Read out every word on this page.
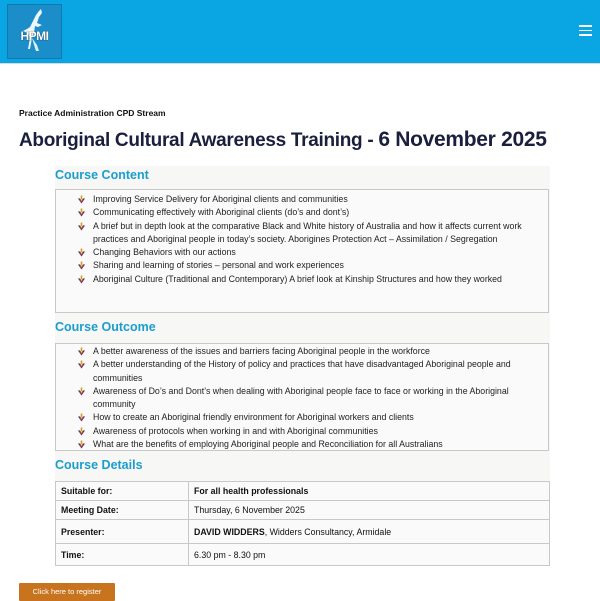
HPMI
Practice Administration CPD Stream
Aboriginal Cultural Awareness Training - 6 November 2025
Course Content
Improving Service Delivery for Aboriginal clients and communities
Communicating effectively with Aboriginal clients (do’s and dont’s)
A brief but in depth look at the comparative Black and White history of Australia and how it affects current work practices and Aboriginal people in today’s society. Aborigines Protection Act – Assimilation / Segregation
Changing Behaviors with our actions
Sharing and learning of stories – personal and work experiences
Aboriginal Culture (Traditional and Contemporary) A brief look at Kinship Structures and how they worked
Course Outcome
A better awareness of the issues and barriers facing Aboriginal people in the workforce
A better understanding of the History of policy and practices that have disadvantaged Aboriginal people and communities
Awareness of Do’s and Dont’s when dealing with Aboriginal people face to face or working in the Aboriginal community
How to create an Aboriginal friendly environment for Aboriginal workers and clients
Awareness of protocols when working in and with Aboriginal communities
What are the benefits of employing Aboriginal people and Reconciliation for all Australians
Course Details
Suitable for:	For all health professionals
Meeting Date:	Thursday, 6 November 2025
Presenter:	DAVID WIDDERS, Widders Consultancy, Armidale
Time:	6.30 pm - 8.30 pm
Click here to register
